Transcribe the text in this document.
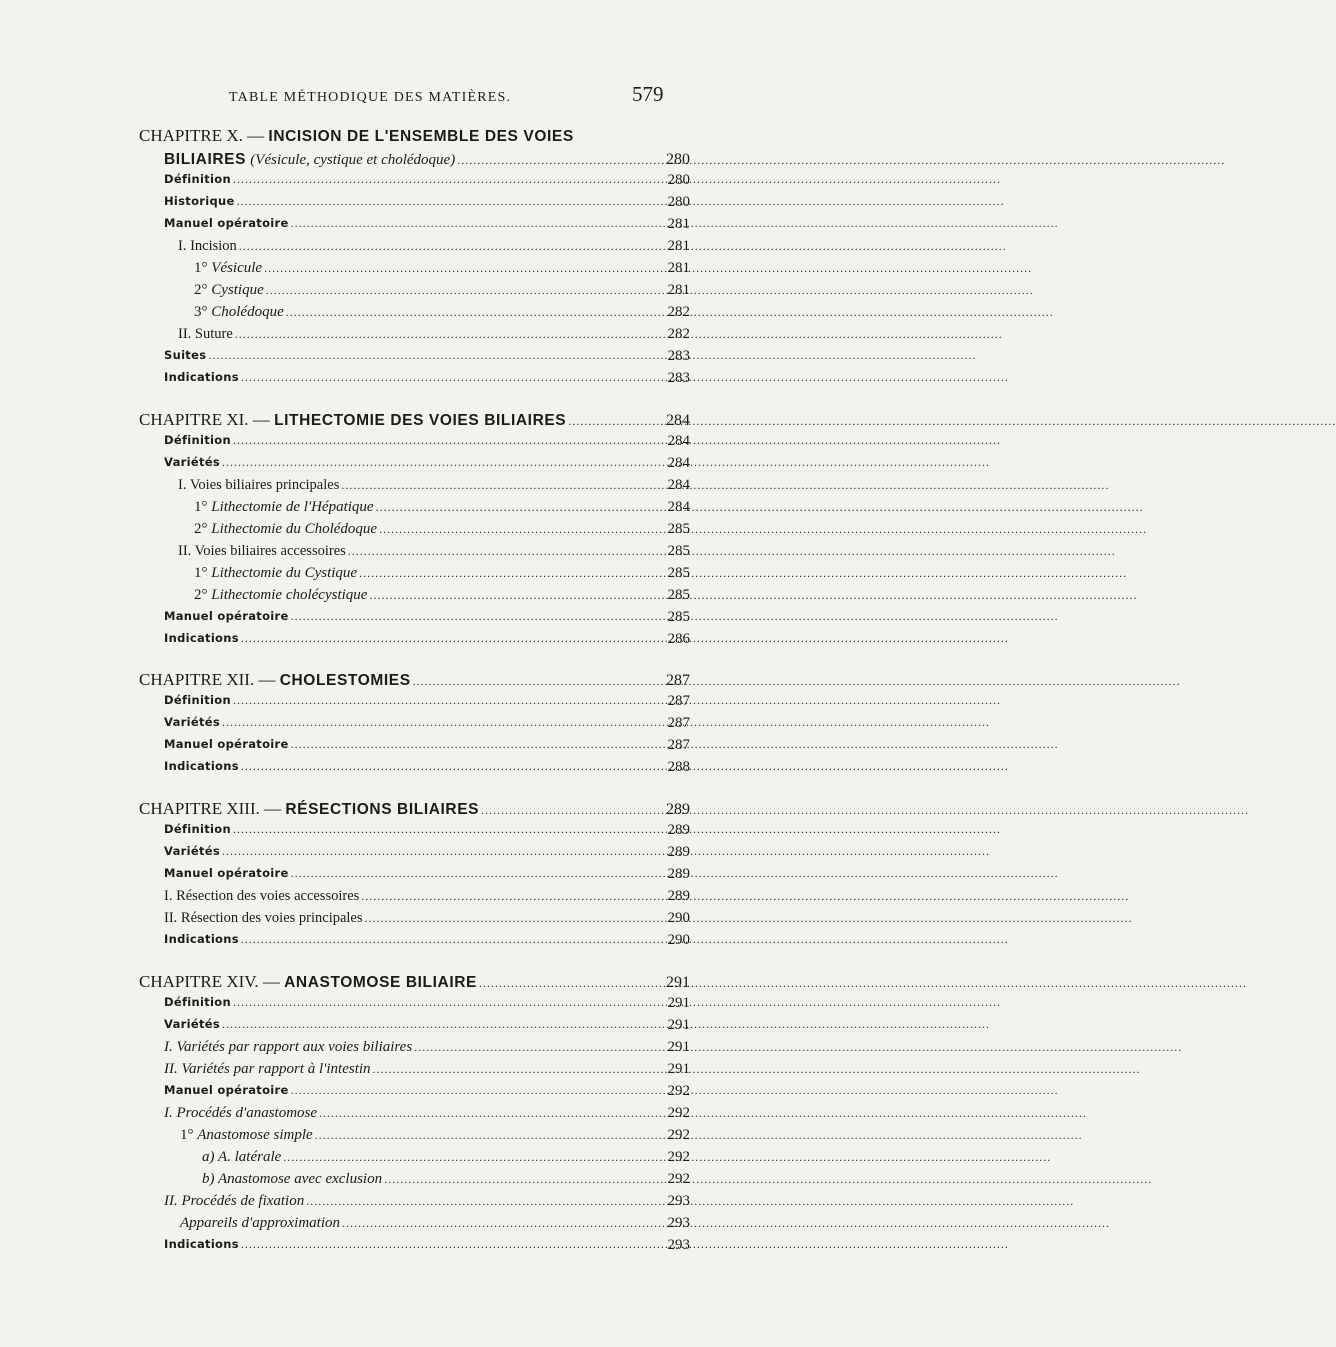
TABLE MÉTHODIQUE DES MATIÈRES.	579
CHAPITRE X. — INCISION DE L'ENSEMBLE DES VOIES
BILIAIRES (Vésicule, cystique et cholédoque) .....	280
Définition .....	280
Historique .....	280
Manuel opératoire .....	281
I. Incision .....	281
1° Vésicule .....	281
2° Cystique .....	281
3° Cholédoque .....	282
II. Suture .....	282
Suites .....	283
Indications .....	283
CHAPITRE XI. — LITHECTOMIE DES VOIES BILIAIRES .....	284
Définition .....	284
Variétés .....	284
I. Voies biliaires principales .....	284
1° Lithectomie de l'Hépatique .....	284
2° Lithectomie du Cholédoque .....	285
II. Voies biliaires accessoires .....	285
1° Lithectomie du Cystique .....	285
2° Lithectomie cholécystique .....	285
Manuel opératoire .....	285
Indications .....	286
CHAPITRE XII. — CHOLESTOMIES .....	287
Définition .....	287
Variétés .....	287
Manuel opératoire .....	287
Indications .....	288
CHAPITRE XIII. — RÉSECTIONS BILIAIRES .....	289
Définition .....	289
Variétés .....	289
Manuel opératoire .....	289
I. Résection des voies accessoires .....	289
II. Résection des voies principales .....	290
Indications .....	290
CHAPITRE XIV. — ANASTOMOSE BILIAIRE .....	291
Définition .....	291
Variétés .....	291
I. Variétés par rapport aux voies biliaires .....	291
II. Variétés par rapport à l'intestin .....	291
Manuel opératoire .....	292
I. Procédés d'anastomose .....	292
1° Anastomose simple .....	292
a) A. latérale .....	292
b) Anastomose avec exclusion .....	292
II. Procédés de fixation .....	293
Appareils d'approximation .....	293
Indications .....	293
